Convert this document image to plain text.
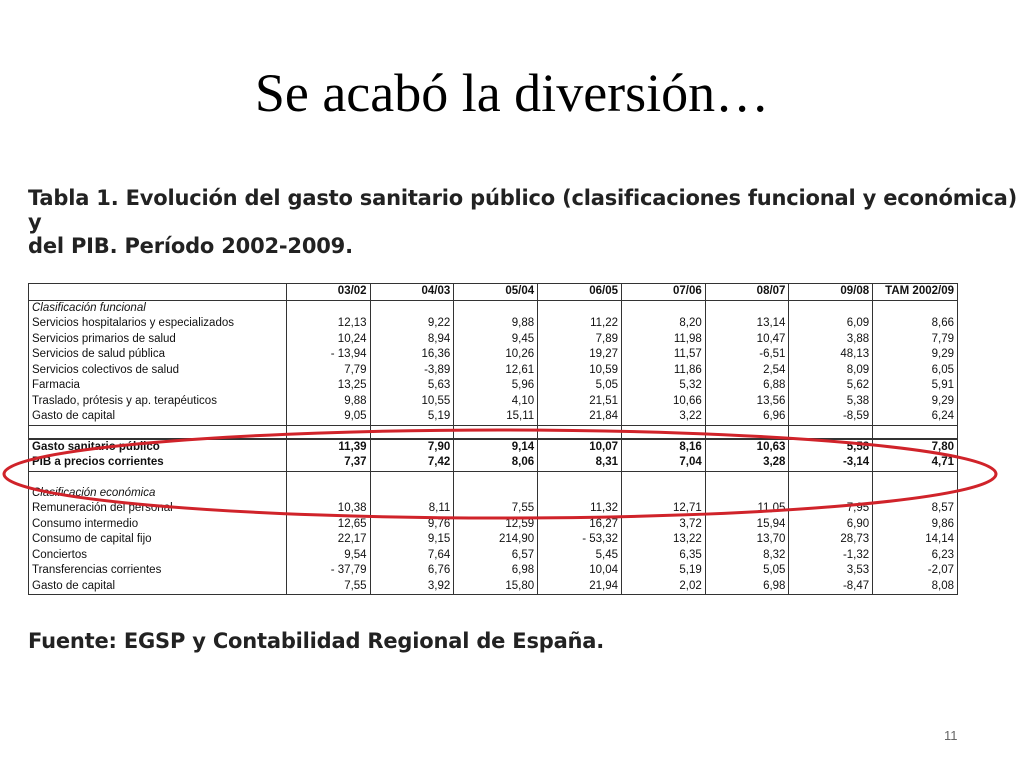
Se acabó la diversión…
Tabla 1. Evolución del gasto sanitario público (clasificaciones funcional y económica) y
del PIB. Período 2002-2009.
	03/02	04/03	05/04	06/05	07/06	08/07	09/08	TAM 2002/09
Clasificación funcional								
Servicios hospitalarios y especializados	12,13	9,22	9,88	11,22	8,20	13,14	6,09	8,66
Servicios primarios de salud	10,24	8,94	9,45	7,89	11,98	10,47	3,88	7,79
Servicios de salud pública	- 13,94	16,36	10,26	19,27	11,57	-6,51	48,13	9,29
Servicios colectivos de salud	7,79	-3,89	12,61	10,59	11,86	2,54	8,09	6,05
Farmacia	13,25	5,63	5,96	5,05	5,32	6,88	5,62	5,91
Traslado, prótesis y ap. terapéuticos	9,88	10,55	4,10	21,51	10,66	13,56	5,38	9,29
Gasto de capital	9,05	5,19	15,11	21,84	3,22	6,96	-8,59	6,24

Gasto sanitario público	11,39	7,90	9,14	10,07	8,16	10,63	5,58	7,80
PIB a precios corrientes	7,37	7,42	8,06	8,31	7,04	3,28	-3,14	4,71

Clasificación económica								
Remuneración del personal	10,38	8,11	7,55	11,32	12,71	11,05	7,95	8,57
Consumo intermedio	12,65	9,76	12,59	16,27	3,72	15,94	6,90	9,86
Consumo de capital fijo	22,17	9,15	214,90	- 53,32	13,22	13,70	28,73	14,14
Conciertos	9,54	7,64	6,57	5,45	6,35	8,32	-1,32	6,23
Transferencias corrientes	- 37,79	6,76	6,98	10,04	5,19	5,05	3,53	-2,07
Gasto de capital	7,55	3,92	15,80	21,94	2,02	6,98	-8,47	8,08
Fuente: EGSP y Contabilidad Regional de España.
11
